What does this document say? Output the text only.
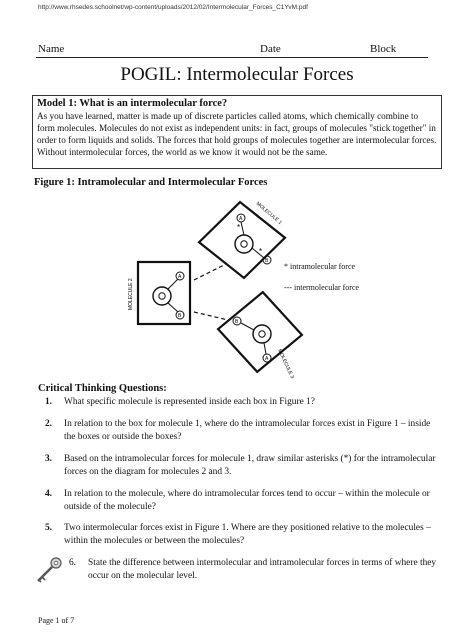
http://www.rhsedes.schoolnet/wp-content/uploads/2012/02/Intermolecular_Forces_C1YvM.pdf
Name	Date	Block
POGIL: Intermolecular Forces
Model 1: What is an intermolecular force?
As you have learned, matter is made up of discrete particles called atoms, which chemically combine to form molecules. Molecules do not exist as independent units: in fact, groups of molecules "stick together" in order to form liquids and solids. The forces that hold groups of molecules together are intermolecular forces. Without intermolecular forces, the world as we know it would not be the same.
Figure 1: Intramolecular and Intermolecular Forces
A
B
*
*
MOLECULE 1
A
B
MOLECULE 2
B
A MOLECULE 3
* intramolecular force
--- intermolecular force
Critical Thinking Questions:
1. What specific molecule is represented inside each box in Figure 1?
2. In relation to the box for molecule 1, where do the intramolecular forces exist in Figure 1 – inside the boxes or outside the boxes?
3. Based on the intramolecular forces for molecule 1, draw similar asterisks (*) for the intramolecular forces on the diagram for molecules 2 and 3.
4. In relation to the molecule, where do intramolecular forces tend to occur – within the molecule or outside of the molecule?
5. Two intermolecular forces exist in Figure 1. Where are they positioned relative to the molecules – within the molecules or between the molecules?
6. State the difference between intermolecular and intramolecular forces in terms of where they occur on the molecular level.
Page 1 of 7
